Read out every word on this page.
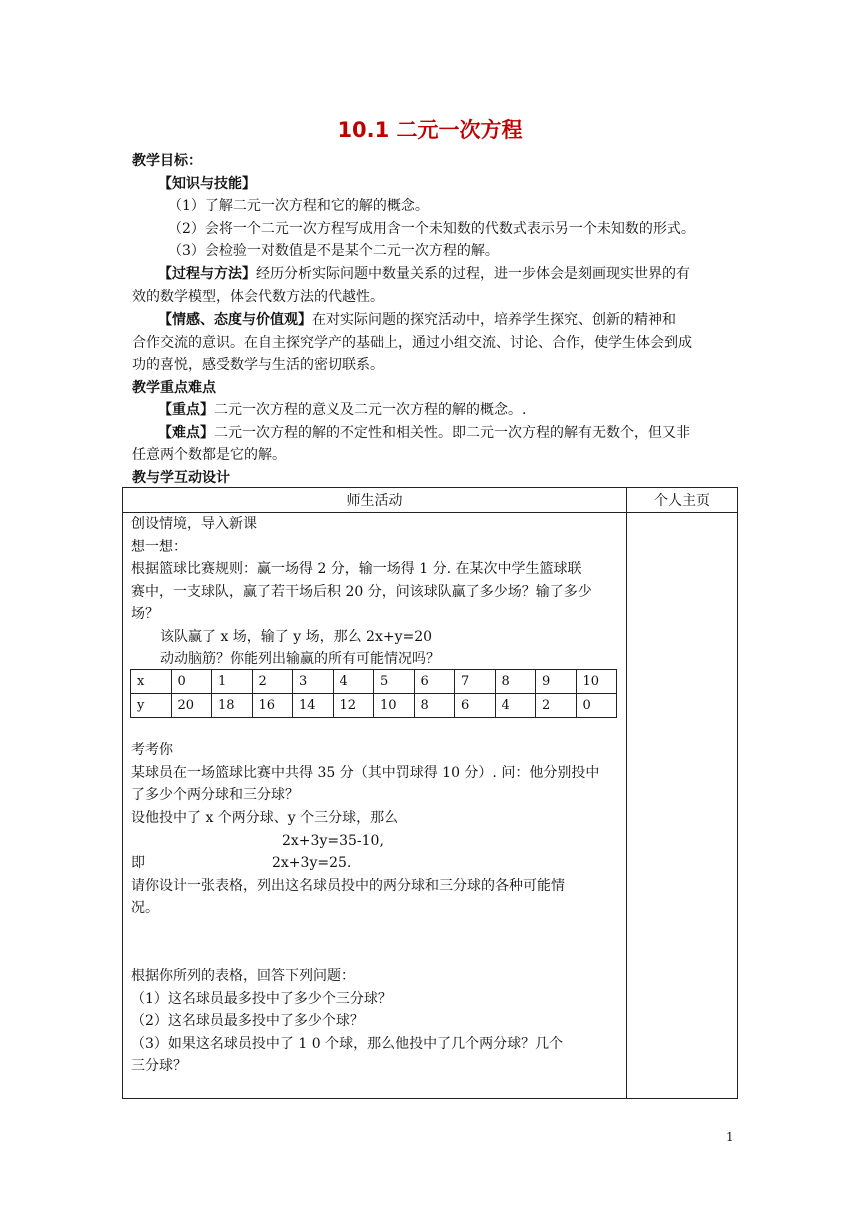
10.1 二元一次方程
教学目标：
【知识与技能】
（1）了解二元一次方程和它的解的概念。
（2）会将一个二元一次方程写成用含一个未知数的代数式表示另一个未知数的形式。
（3）会检验一对数值是不是某个二元一次方程的解。
【过程与方法】经历分析实际问题中数量关系的过程，进一步体会是刻画现实世界的有
效的数学模型，体会代数方法的代越性。
【情感、态度与价值观】在对实际问题的探究活动中，培养学生探究、创新的精神和
合作交流的意识。在自主探究学产的基础上，通过小组交流、讨论、合作，使学生体会到成
功的喜悦，感受数学与生活的密切联系。
教学重点难点
【重点】二元一次方程的意义及二元一次方程的解的概念。.
【难点】二元一次方程的解的不定性和相关性。即二元一次方程的解有无数个，但又非
任意两个数都是它的解。
教与学互动设计
师生活动	个人主页

创设情境，导入新课
想一想：
根据篮球比赛规则：赢一场得 2 分，输一场得 1 分. 在某次中学生篮球联
赛中，一支球队，赢了若干场后积 20 分，问该球队赢了多少场？输了多少
场？
该队赢了 x 场，输了 y 场，那么 2x+y=20
动动脑筋？你能列出输赢的所有可能情况吗？
x	0	1	2	3	4	5	6	7	8	9	10
y	20	18	16	14	12	10	8	6	4	2	0
考考你
某球员在一场篮球比赛中共得 35 分（其中罚球得 10 分）. 问：他分别投中
了多少个两分球和三分球？
设他投中了 x 个两分球、y 个三分球，那么
2x+3y=35-10,
即	2x+3y=25.
请你设计一张表格，列出这名球员投中的两分球和三分球的各种可能情
况。
根据你所列的表格，回答下列问题：
（1）这名球员最多投中了多少个三分球？
（2）这名球员最多投中了多少个球？
（3）如果这名球员投中了 1 0 个球，那么他投中了几个两分球？几个
三分球？
1
